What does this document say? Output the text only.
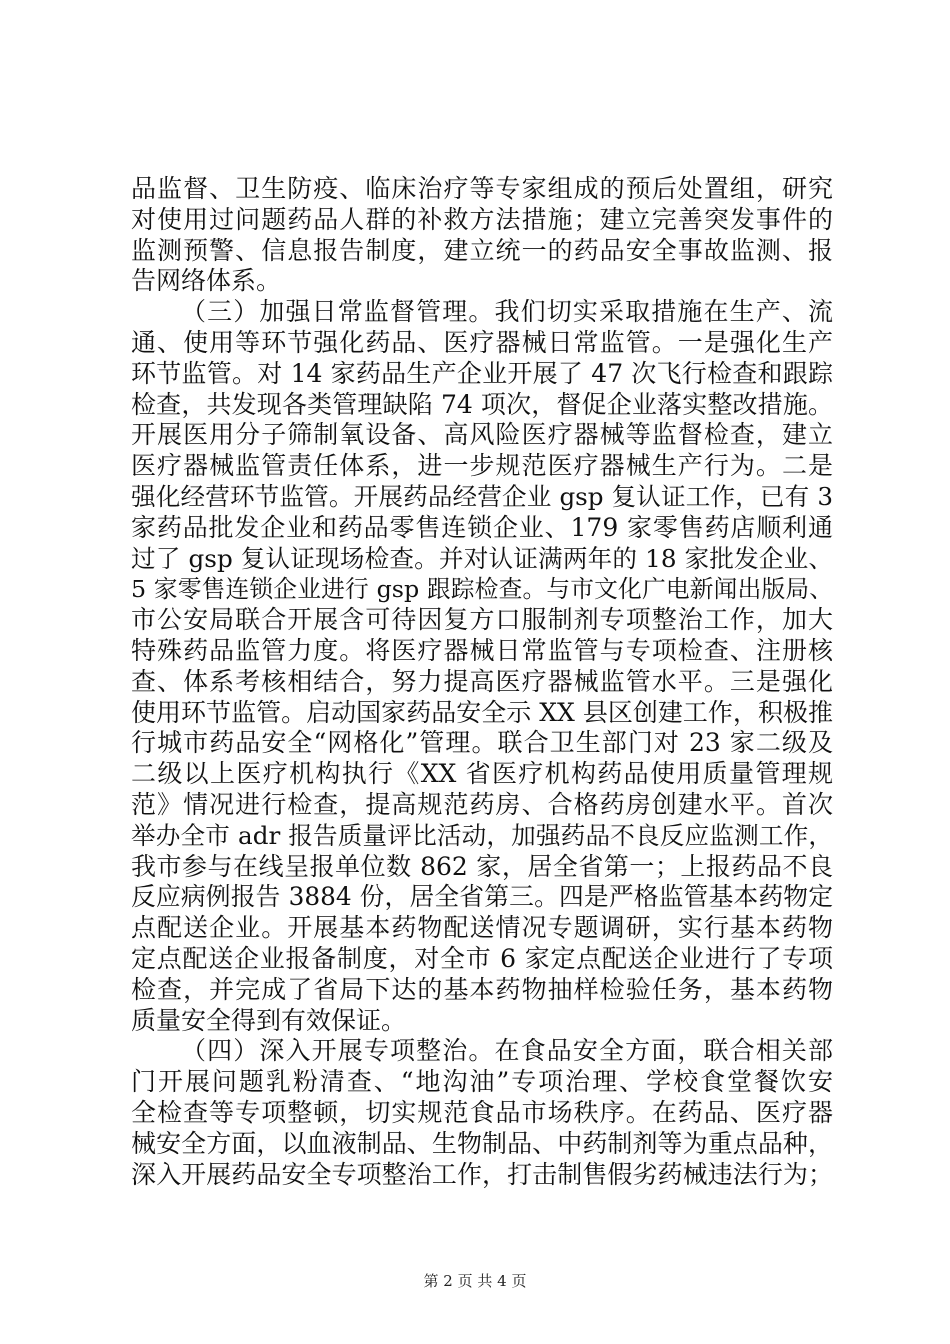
品监督、卫生防疫、临床治疗等专家组成的预后处置组，研究
对使用过问题药品人群的补救方法措施；建立完善突发事件的
监测预警、信息报告制度，建立统一的药品安全事故监测、报
告网络体系。
（三）加强日常监督管理。我们切实采取措施在生产、流
通、使用等环节强化药品、医疗器械日常监管。一是强化生产
环节监管。对 14 家药品生产企业开展了 47 次飞行检查和跟踪
检查，共发现各类管理缺陷 74 项次，督促企业落实整改措施。
开展医用分子筛制氧设备、高风险医疗器械等监督检查，建立
医疗器械监管责任体系，进一步规范医疗器械生产行为。二是
强化经营环节监管。开展药品经营企业 gsp 复认证工作，已有 3
家药品批发企业和药品零售连锁企业、179 家零售药店顺利通
过了 gsp 复认证现场检查。并对认证满两年的 18 家批发企业、
5 家零售连锁企业进行 gsp 跟踪检查。与市文化广电新闻出版局、
市公安局联合开展含可待因复方口服制剂专项整治工作，加大
特殊药品监管力度。将医疗器械日常监管与专项检查、注册核
查、体系考核相结合，努力提高医疗器械监管水平。三是强化
使用环节监管。启动国家药品安全示 XX 县区创建工作，积极推
行城市药品安全“网格化”管理。联合卫生部门对 23 家二级及
二级以上医疗机构执行《XX 省医疗机构药品使用质量管理规
范》情况进行检查，提高规范药房、合格药房创建水平。首次
举办全市 adr 报告质量评比活动，加强药品不良反应监测工作，
我市参与在线呈报单位数 862 家，居全省第一；上报药品不良
反应病例报告 3884 份，居全省第三。四是严格监管基本药物定
点配送企业。开展基本药物配送情况专题调研，实行基本药物
定点配送企业报备制度，对全市 6 家定点配送企业进行了专项
检查，并完成了省局下达的基本药物抽样检验任务，基本药物
质量安全得到有效保证。
（四）深入开展专项整治。在食品安全方面，联合相关部
门开展问题乳粉清查、“地沟油”专项治理、学校食堂餐饮安
全检查等专项整顿，切实规范食品市场秩序。在药品、医疗器
械安全方面，以血液制品、生物制品、中药制剂等为重点品种，
深入开展药品安全专项整治工作，打击制售假劣药械违法行为；
第 2 页 共 4 页
